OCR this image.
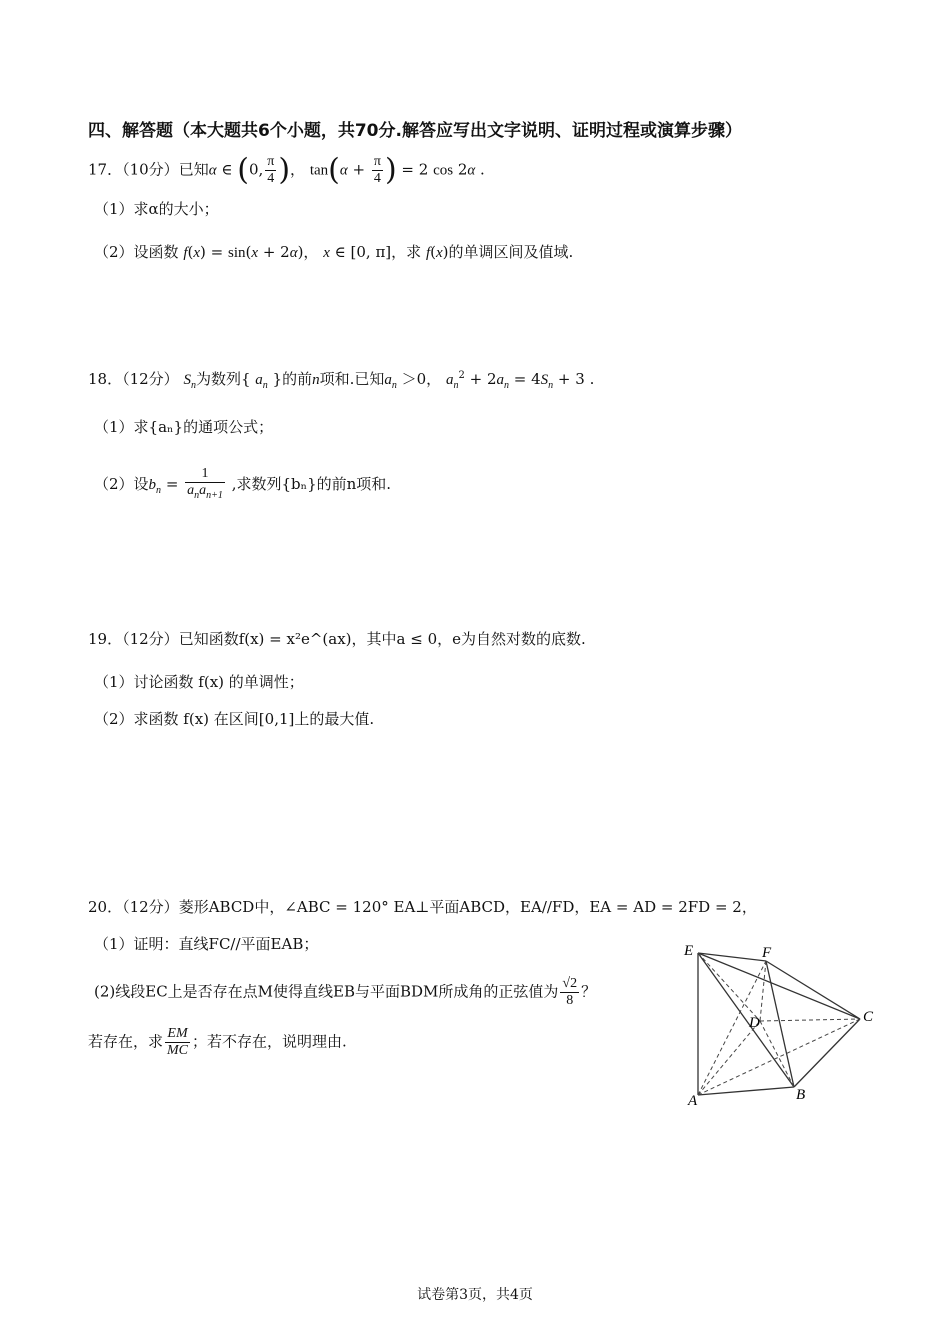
四、解答题（本大题共6个小题，共70分.解答应写出文字说明、证明过程或演算步骤）
17．（10分）已知α ∈ (0, $\frac{\pi}{4}$ )， $\tan(\alpha + \frac{\pi}{4}$ ) = 2 cos 2α .
（1）求α的大小；
（2）设函数 f(x) = sin(x + 2α)， x ∈ [0, π]，求 f(x)的单调区间及值域.
18．（12分） $S_n$为数列{ $a_n$ }的前n项和.已知$a_n >0$， $a_n^2 + 2a_n = 4S_n + 3$ .
（1）求{aₙ}的通项公式；
（2）设$b_n = \frac{1}{a_na_{n+1}}$ ,求数列{bₙ}的前n项和.
19．（12分）已知函数f(x) = x²e^(ax)，其中a ≤ 0，e为自然对数的底数.
（1）讨论函数 f(x) 的单调性；
（2）求函数 f(x) 在区间[0,1]上的最大值.
20．（12分）菱形ABCD中，∠ABC = 120° EA⊥平面ABCD，EA//FD，EA = AD = 2FD = 2，
（1）证明：直线FC//平面EAB；
(2)线段EC上是否存在点M使得直线EB与平面BDM所成角的正弦值为 $\frac{√2}{8}$ ？
若存在，求 $\frac{EM}{MC}$ ；若不存在，说明理由.
E	F
C
D
A	B
试卷第3页，共4页
